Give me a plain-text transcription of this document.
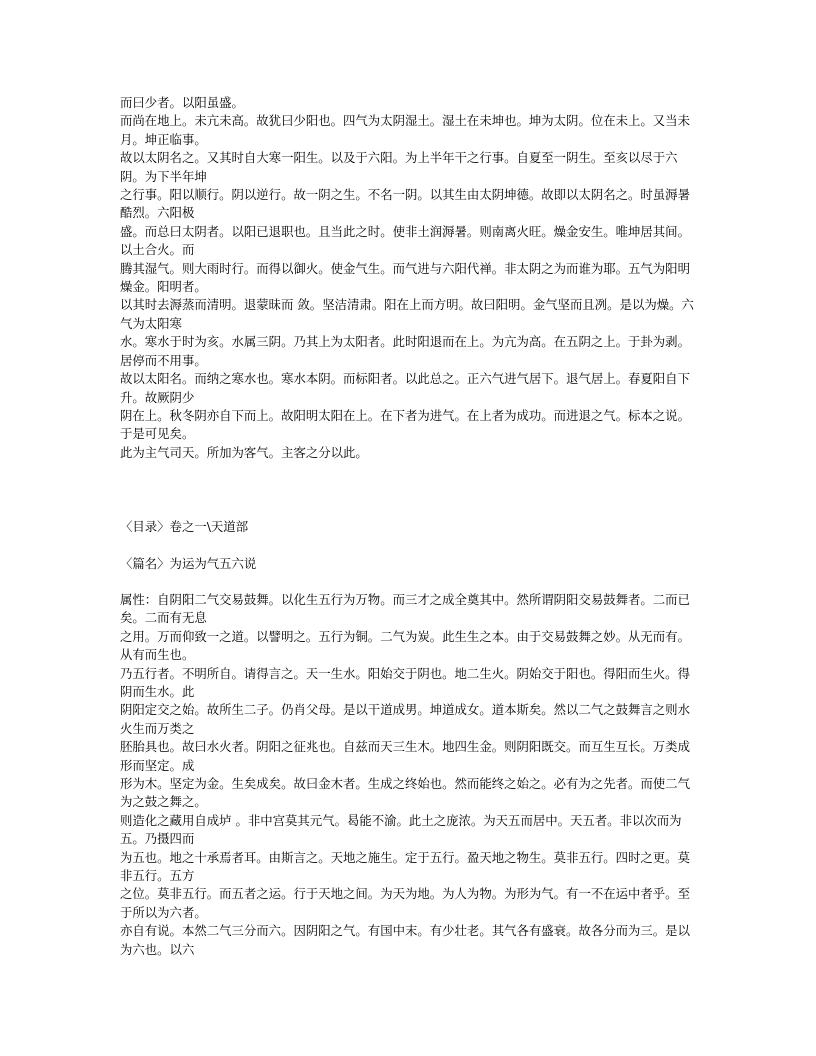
而曰少者。以阳虽盛。

而尚在地上。未亢未高。故犹曰少阳也。四气为太阴湿土。湿土在未坤也。坤为太阴。位在未上。又当未月。坤正临事。

故以太阴名之。又其时自大寒一阳生。以及于六阳。为上半年干之行事。自夏至一阴生。至亥以尽于六阴。为下半年坤

之行事。阳以顺行。阴以逆行。故一阴之生。不名一阴。以其生由太阴坤德。故即以太阴名之。时虽溽暑酷烈。六阳极

盛。而总曰太阴者。以阳已退职也。且当此之时。使非土润溽暑。则南离火旺。燥金安生。唯坤居其间。以土合火。而

腾其湿气。则大雨时行。而得以御火。使金气生。而气进与六阳代禅。非太阴之为而谁为耶。五气为阳明燥金。阳明者。

以其时去溽蒸而清明。退蒙昧而 敛。坚洁清肃。阳在上而方明。故曰阳明。金气坚而且冽。是以为燥。六气为太阳寒

水。寒水于时为亥。水属三阴。乃其上为太阳者。此时阳退而在上。为亢为高。在五阴之上。于卦为剥。居停而不用事。

故以太阳名。而纳之寒水也。寒水本阴。而标阳者。以此总之。正六气进气居下。退气居上。春夏阳自下升。故厥阴少

阴在上。秋冬阴亦自下而上。故阳明太阳在上。在下者为进气。在上者为成功。而进退之气。标本之说。于是可见矣。

此为主气司天。所加为客气。主客之分以此。

〈目录〉卷之一\天道部

〈篇名〉为运为气五六说

属性：自阴阳二气交易鼓舞。以化生五行为万物。而三才之成全奠其中。然所谓阴阳交易鼓舞者。二而已矣。二而有无息

之用。万而仰致一之道。以譬明之。五行为铜。二气为炭。此生生之本。由于交易鼓舞之妙。从无而有。从有而生也。

乃五行者。不明所自。请得言之。天一生水。阳始交于阴也。地二生火。阴始交于阳也。得阳而生火。得阴而生水。此

阴阳定交之始。故所生二子。仍肖父母。是以干道成男。坤道成女。道本斯矣。然以二气之鼓舞言之则水火生而万类之

胚胎具也。故曰水火者。阴阳之征兆也。自兹而天三生木。地四生金。则阴阳既交。而互生互长。万类成形而坚定。成

形为木。坚定为金。生矣成矣。故曰金木者。生成之终始也。然而能终之始之。必有为之先者。而使二气为之鼓之舞之。

则造化之藏用自成垆 。非中宫莫其元气。曷能不渝。此土之庞浓。为天五而居中。天五者。非以次而为五。乃摄四而

为五也。地之十承焉者耳。由斯言之。天地之施生。定于五行。盈天地之物生。莫非五行。四时之更。莫非五行。五方

之位。莫非五行。而五者之运。行于天地之间。为天为地。为人为物。为形为气。有一不在运中者乎。至于所以为六者。

亦自有说。本然二气三分而六。因阴阳之气。有国中末。有少壮老。其气各有盛衰。故各分而为三。是以为六也。以六
